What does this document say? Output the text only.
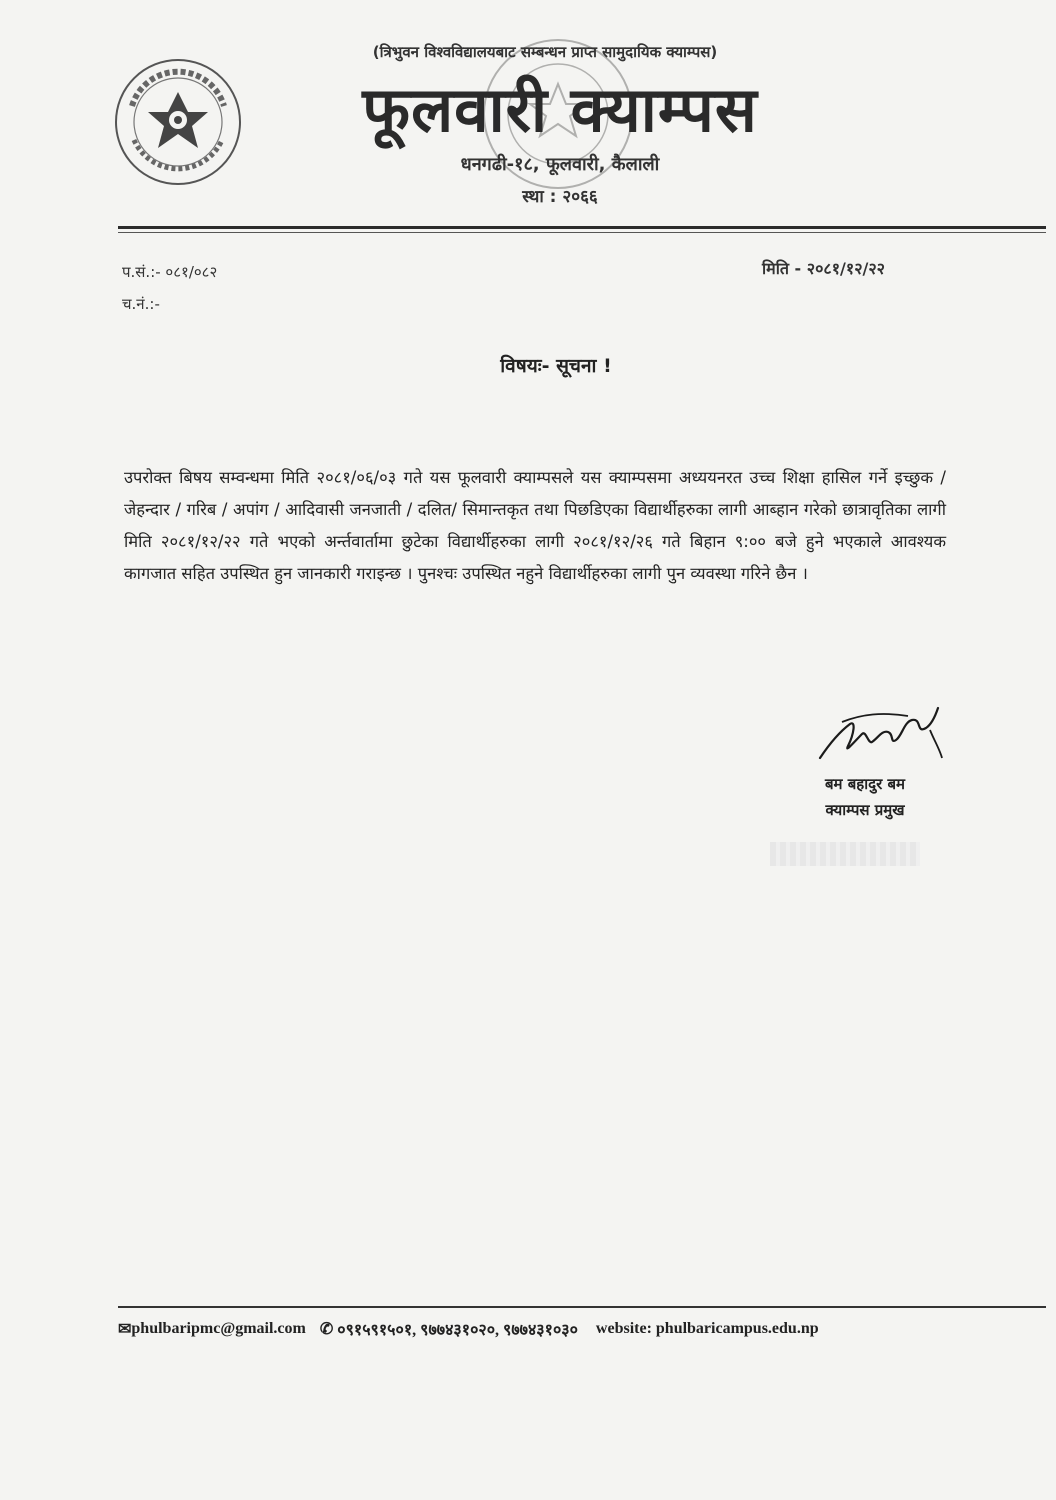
(त्रिभुवन विश्वविद्यालयबाट सम्बन्धन प्राप्त सामुदायिक क्याम्पस)
फूलवारी क्याम्पस
धनगढी-१८, फूलवारी, कैलाली
स्था : २०६६
प.सं.:- ०८१/०८२
च.नं.:-
मिति - २०८१/१२/२२
विषयः- सूचना !
उपरोक्त बिषय सम्वन्धमा मिति २०८१/०६/०३ गते यस फूलवारी क्याम्पसले यस क्याम्पसमा अध्ययनरत उच्च शिक्षा हासिल गर्ने इच्छुक / जेहन्दार / गरिब / अपांग / आदिवासी जनजाती / दलित/ सिमान्तकृत तथा पिछडिएका विद्यार्थीहरुका लागी आब्हान गरेको छात्रावृतिका लागी मिति २०८१/१२/२२ गते भएको अर्न्तवार्तामा छुटेका विद्यार्थीहरुका लागी २०८१/१२/२६ गते बिहान ९:०० बजे हुने भएकाले आवश्यक कागजात सहित उपस्थित हुन जानकारी गराइन्छ । पुनश्चः उपस्थित नहुने विद्यार्थीहरुका लागी पुन व्यवस्था गरिने छैन ।
बम बहादुर बम
क्याम्पस प्रमुख
✉phulbaripmc@gmail.com ✆ ०९१५९१५०१, ९७७४३१०२०, ९७७४३१०३० website: phulbaricampus.edu.np
